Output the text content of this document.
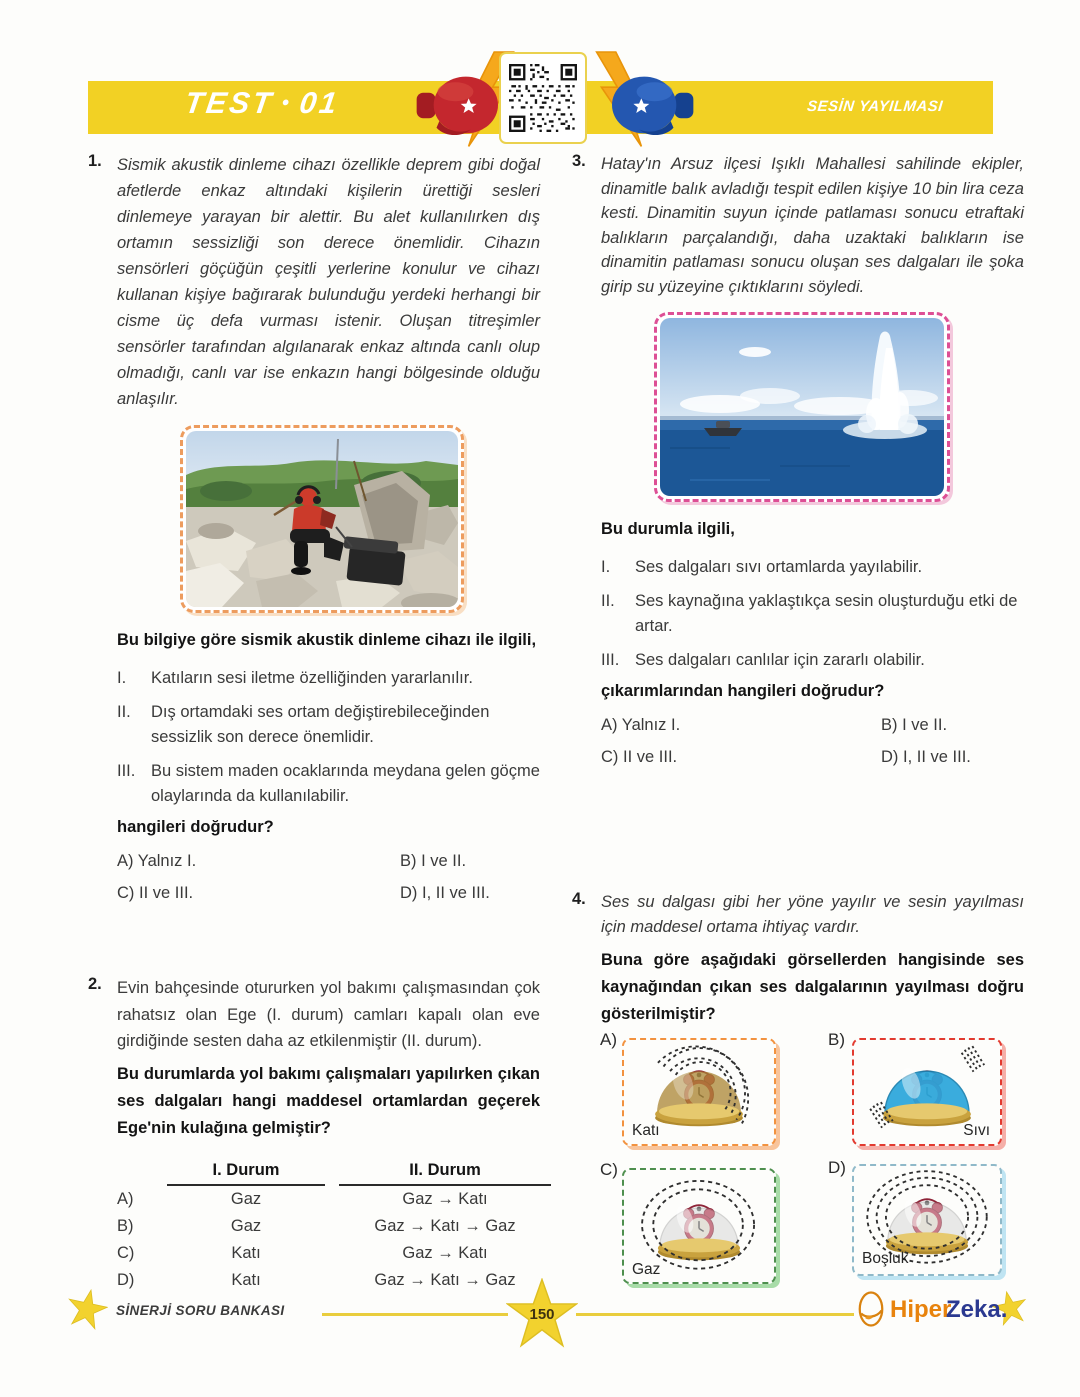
TEST • 01	SESİN YAYILMASI
1. Sismik akustik dinleme cihazı özellikle deprem gibi doğal afetlerde enkaz altındaki kişilerin ürettiği sesleri dinlemeye yarayan bir alettir. Bu alet kullanılırken dış ortamın sessizliği son derece önemlidir. Cihazın sensörleri göçüğün çeşitli yerlerine konulur ve cihazı kullanan kişiye bağırarak bulunduğu yerdeki herhangi bir cisme üç defa vurması istenir. Oluşan titreşimler sensörler tarafından algılanarak enkaz altında canlı olup olmadığı, canlı var ise enkazın hangi bölgesinde olduğu anlaşılır.
Bu bilgiye göre sismik akustik dinleme cihazı ile ilgili,
I.	Katıların sesi iletme özelliğinden yararlanılır.
II.	Dış ortamdaki ses ortam değiştirebileceğinden sessizlik son derece önemlidir.
III. Bu sistem maden ocaklarında meydana gelen göçme olaylarında da kullanılabilir.
hangileri doğrudur?
A) Yalnız I.	B) I ve II.
C) II ve III.	D) I, II ve III.
2. Evin bahçesinde otururken yol bakımı çalışmasından çok rahatsız olan Ege (I. durum) camları kapalı olan eve girdiğinde sesten daha az etkilenmiştir (II. durum).
Bu durumlarda yol bakımı çalışmaları yapılırken çıkan ses dalgaları hangi maddesel ortamlardan geçerek Ege'nin kulağına gelmiştir?
I. Durum	II. Durum
A)	Gaz	Gaz → Katı
B)	Gaz	Gaz → Katı → Gaz
C)	Katı	Gaz → Katı
D)	Katı	Gaz → Katı → Gaz
3. Hatay'ın Arsuz ilçesi Işıklı Mahallesi sahilinde ekipler, dinamitle balık avladığı tespit edilen kişiye 10 bin lira ceza kesti. Dinamitin suyun içinde patlaması sonucu etraftaki balıkların parçalandığı, daha uzaktaki balıkların ise dinamitin patlaması sonucu oluşan ses dalgaları ile şoka girip su yüzeyine çıktıklarını söyledi.
Bu durumla ilgili,
I.	Ses dalgaları sıvı ortamlarda yayılabilir.
II.	Ses kaynağına yaklaştıkça sesin oluşturduğu etki de artar.
III. Ses dalgaları canlılar için zararlı olabilir.
çıkarımlarından hangileri doğrudur?
A) Yalnız I.	B) I ve II.
C) II ve III.	D) I, II ve III.
4. Ses su dalgası gibi her yöne yayılır ve sesin yayılması için maddesel ortama ihtiyaç vardır.
Buna göre aşağıdaki görsellerden hangisinde ses kaynağından çıkan ses dalgalarının yayılması doğru gösterilmiştir?
A)
Katı
B)
Sıvı
C)
Gaz
D)
Boşluk
SİNERJİ SORU BANKASI	150	Hiper
Zeka.
